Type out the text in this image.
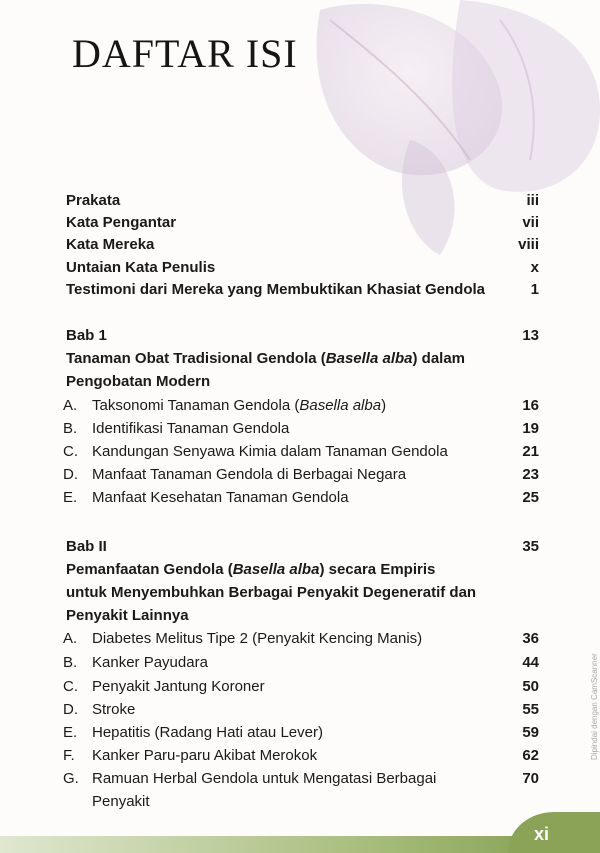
DAFTAR ISI
Prakata	iii
Kata Pengantar	vii
Kata Mereka	viii
Untaian Kata Penulis	x
Testimoni dari Mereka yang Membuktikan Khasiat Gendola	1
Bab 1	13
Tanaman Obat Tradisional Gendola (Basella alba) dalam
Pengobatan Modern
A. Taksonomi Tanaman Gendola (Basella alba)	16
B. Identifikasi Tanaman Gendola	19
C. Kandungan Senyawa Kimia dalam Tanaman Gendola	21
D. Manfaat Tanaman Gendola di Berbagai Negara	23
E. Manfaat Kesehatan Tanaman Gendola	25
Bab II	35
Pemanfaatan Gendola (Basella alba) secara Empiris
untuk Menyembuhkan Berbagai Penyakit Degeneratif dan
Penyakit Lainnya
A. Diabetes Melitus Tipe 2 (Penyakit Kencing Manis)	36
B. Kanker Payudara	44
C. Penyakit Jantung Koroner	50
D. Stroke	55
E. Hepatitis (Radang Hati atau Lever)	59
F. Kanker Paru-paru Akibat Merokok	62
G. Ramuan Herbal Gendola untuk Mengatasi Berbagai	70
Penyakit
xi
Dipindai dengan CamScanner
